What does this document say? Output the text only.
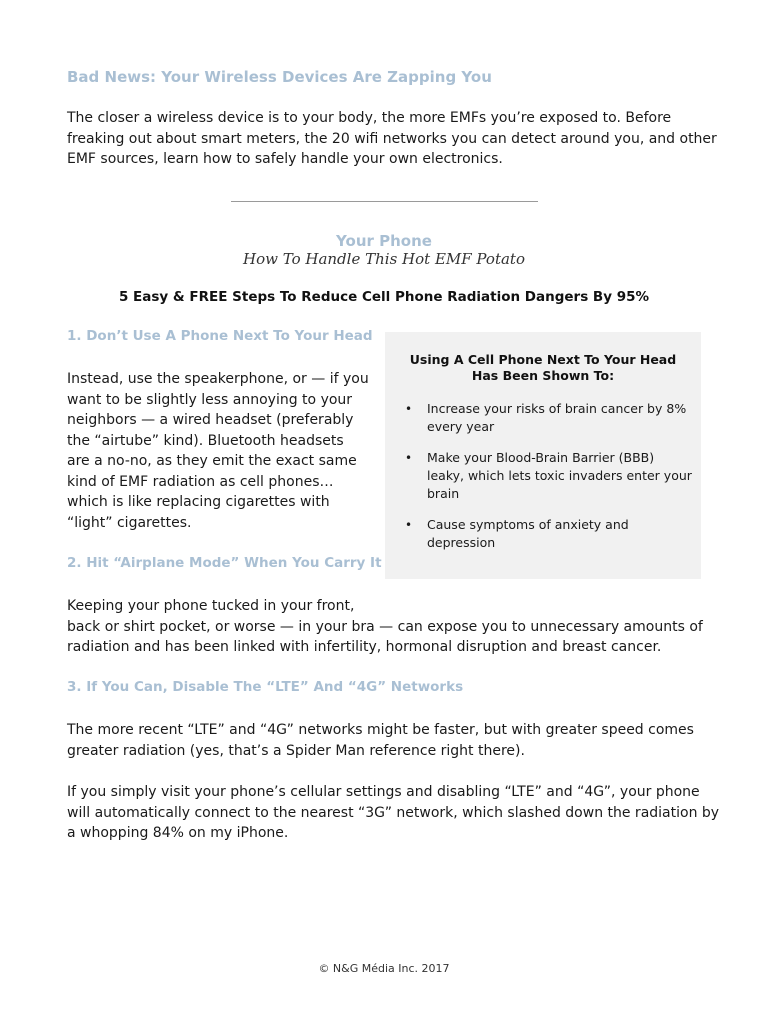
Bad News: Your Wireless Devices Are Zapping You
The closer a wireless device is to your body, the more EMFs you’re exposed to. Before
freaking out about smart meters, the 20 wifi networks you can detect around you, and other
EMF sources, learn how to safely handle your own electronics.
Your Phone
How To Handle This Hot EMF Potato
5 Easy & FREE Steps To Reduce Cell Phone Radiation Dangers By 95%
1. Don’t Use A Phone Next To Your Head
Instead, use the speakerphone, or — if you
want to be slightly less annoying to your
neighbors — a wired headset (preferably
the “airtube” kind). Bluetooth headsets
are a no-no, as they emit the exact same
kind of EMF radiation as cell phones…
which is like replacing cigarettes with
“light” cigarettes.
Using A Cell Phone Next To Your Head
Has Been Shown To:
• Increase your risks of brain cancer by 8%
every year
• Make your Blood-Brain Barrier (BBB)
leaky, which lets toxic invaders enter your
brain
• Cause symptoms of anxiety and
depression
2. Hit “Airplane Mode” When You Carry It
Keeping your phone tucked in your front,
back or shirt pocket, or worse — in your bra — can expose you to unnecessary amounts of
radiation and has been linked with infertility, hormonal disruption and breast cancer.
3. If You Can, Disable The “LTE” And “4G” Networks
The more recent “LTE” and “4G” networks might be faster, but with greater speed comes
greater radiation (yes, that’s a Spider Man reference right there).
If you simply visit your phone’s cellular settings and disabling “LTE” and “4G”, your phone
will automatically connect to the nearest “3G” network, which slashed down the radiation by
a whopping 84% on my iPhone.
© N&G Média Inc. 2017
